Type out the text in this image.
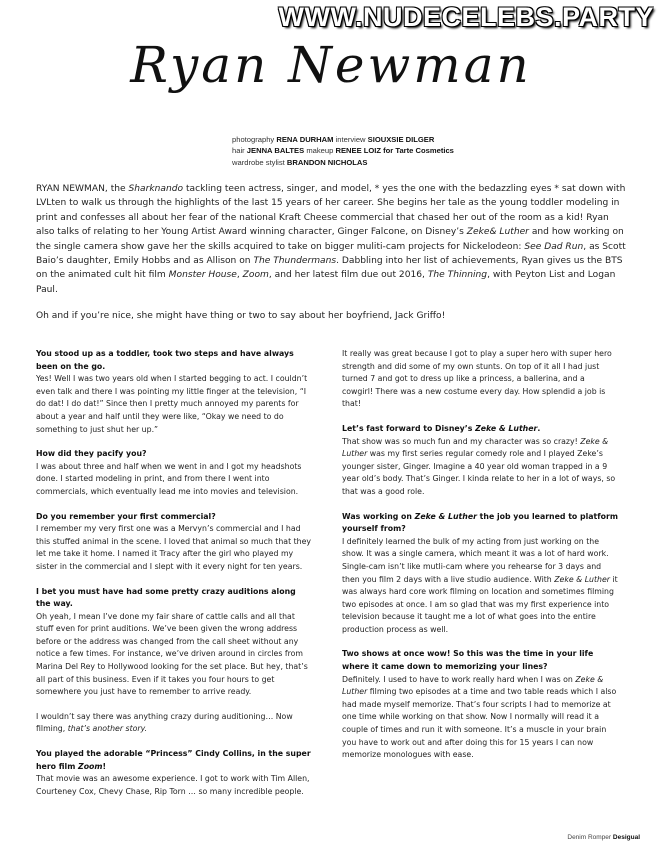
WWW.NUDECELEBS.PARTY
Ryan Newman
photography RENA DURHAM interview SIOUXSIE DILGER
hair JENNA BALTES makeup RENEE LOIZ for Tarte Cosmetics
wardrobe stylist BRANDON NICHOLAS

RYAN NEWMAN, the Sharknando tackling teen actress, singer, and model, * yes the one with the bedazzling eyes * sat down with LVLten to walk us through the highlights of the last 15 years of her career. She begins her tale as the young toddler modeling in print and confesses all about her fear of the national Kraft Cheese commercial that chased her out of the room as a kid! Ryan also talks of relating to her Young Artist Award winning character, Ginger Falcone, on Disney’s Zeke& Luther and how working on the single camera show gave her the skills acquired to take on bigger muliti-cam projects for Nickelodeon: See Dad Run, as Scott Baio’s daughter, Emily Hobbs and as Allison on The Thundermans. Dabbling into her list of achievements, Ryan gives us the BTS on the animated cult hit film Monster House, Zoom, and her latest film due out 2016, The Thinning, with Peyton List and Logan Paul.

Oh and if you’re nice, she might have thing or two to say about her boyfriend, Jack Griffo!

You stood up as a toddler, took two steps and have always been on the go.

Yes! Well I was two years old when I started begging to act. I couldn’t even talk and there I was pointing my little finger at the television, “I do dat! I do dat!” Since then I pretty much annoyed my parents for about a year and half until they were like, “Okay we need to do something to just shut her up.”

How did they pacify you?

I was about three and half when we went in and I got my headshots done. I started modeling in print, and from there I went into commercials, which eventually lead me into movies and television.

Do you remember your first commercial?

I remember my very first one was a Mervyn’s commercial and I had this stuffed animal in the scene. I loved that animal so much that they let me take it home. I named it Tracy after the girl who played my sister in the commercial and I slept with it every night for ten years.

I bet you must have had some pretty crazy auditions along the way.

Oh yeah, I mean I’ve done my fair share of cattle calls and all that stuff even for print auditions. We’ve been given the wrong address before or the address was changed from the call sheet without any notice a few times. For instance, we’ve driven around in circles from Marina Del Rey to Hollywood looking for the set place. But hey, that’s all part of this business. Even if it takes you four hours to get somewhere you just have to remember to arrive ready.

I wouldn’t say there was anything crazy during auditioning… Now filming, that’s another story.

You played the adorable “Princess” Cindy Collins, in the super hero film Zoom!

That movie was an awesome experience. I got to work with Tim Allen, Courteney Cox, Chevy Chase, Rip Torn … so many incredible people.

It really was great because I got to play a super hero with super hero strength and did some of my own stunts. On top of it all I had just turned 7 and got to dress up like a princess, a ballerina, and a cowgirl! There was a new costume every day. How splendid a job is that!

Let’s fast forward to Disney’s Zeke & Luther.

That show was so much fun and my character was so crazy! Zeke & Luther was my first series regular comedy role and I played Zeke’s younger sister, Ginger. Imagine a 40 year old woman trapped in a 9 year old’s body. That’s Ginger. I kinda relate to her in a lot of ways, so that was a good role.

Was working on Zeke & Luther the job you learned to platform yourself from?

I definitely learned the bulk of my acting from just working on the show. It was a single camera, which meant it was a lot of hard work. Single-cam isn’t like mutli-cam where you rehearse for 3 days and then you film 2 days with a live studio audience. With Zeke & Luther it was always hard core work filming on location and sometimes filming two episodes at once. I am so glad that was my first experience into television because it taught me a lot of what goes into the entire production process as well.

Two shows at once wow! So this was the time in your life where it came down to memorizing your lines?

Definitely. I used to have to work really hard when I was on Zeke & Luther filming two episodes at a time and two table reads which I also had made myself memorize. That’s four scripts I had to memorize at one time while working on that show. Now I normally will read it a couple of times and run it with someone. It’s a muscle in your brain you have to work out and after doing this for 15 years I can now memorize monologues with ease.

Denim Romper Desigual
